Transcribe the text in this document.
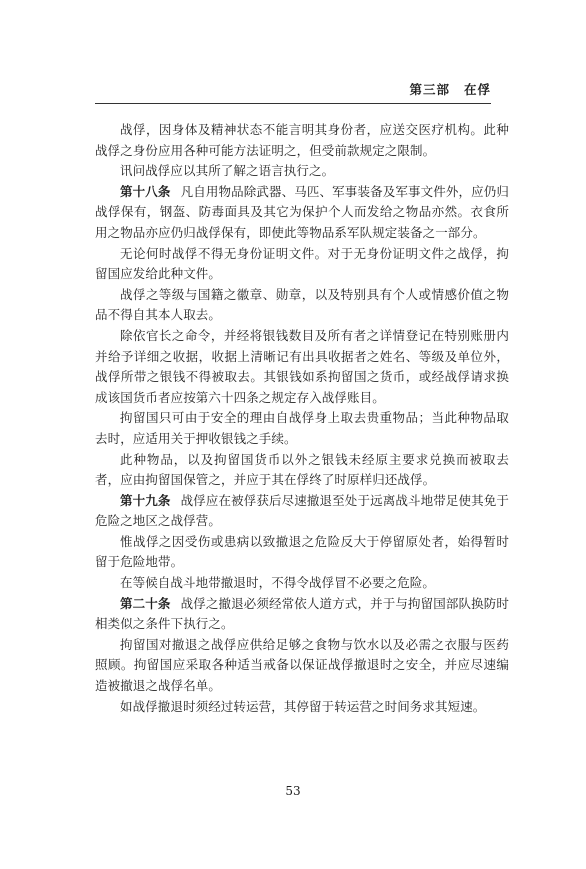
第三部 在俘

战俘，因身体及精神状态不能言明其身份者，应送交医疗机构。此种战俘之身份应用各种可能方法证明之，但受前款规定之限制。

讯问战俘应以其所了解之语言执行之。

第十八条 凡自用物品除武器、马匹、军事装备及军事文件外，应仍归战俘保有，钢盔、防毒面具及其它为保护个人而发给之物品亦然。衣食所用之物品亦应仍归战俘保有，即使此等物品系军队规定装备之一部分。

无论何时战俘不得无身份证明文件。对于无身份证明文件之战俘，拘留国应发给此种文件。

战俘之等级与国籍之徽章、勋章，以及特别具有个人或情感价值之物品不得自其本人取去。

除依官长之命令，并经将银钱数目及所有者之详情登记在特别账册内并给予详细之收据，收据上清晰记有出具收据者之姓名、等级及单位外，战俘所带之银钱不得被取去。其银钱如系拘留国之货币，或经战俘请求换成该国货币者应按第六十四条之规定存入战俘账目。

拘留国只可由于安全的理由自战俘身上取去贵重物品；当此种物品取去时，应适用关于押收银钱之手续。

此种物品，以及拘留国货币以外之银钱未经原主要求兑换而被取去者，应由拘留国保管之，并应于其在俘终了时原样归还战俘。

第十九条 战俘应在被俘获后尽速撤退至处于远离战斗地带足使其免于危险之地区之战俘营。

惟战俘之因受伤或患病以致撤退之危险反大于停留原处者，始得暂时留于危险地带。

在等候自战斗地带撤退时，不得令战俘冒不必要之危险。

第二十条 战俘之撤退必须经常依人道方式，并于与拘留国部队换防时相类似之条件下执行之。

拘留国对撤退之战俘应供给足够之食物与饮水以及必需之衣服与医药照顾。拘留国应采取各种适当戒备以保证战俘撤退时之安全，并应尽速编造被撤退之战俘名单。

如战俘撤退时须经过转运营，其停留于转运营之时间务求其短速。

53
